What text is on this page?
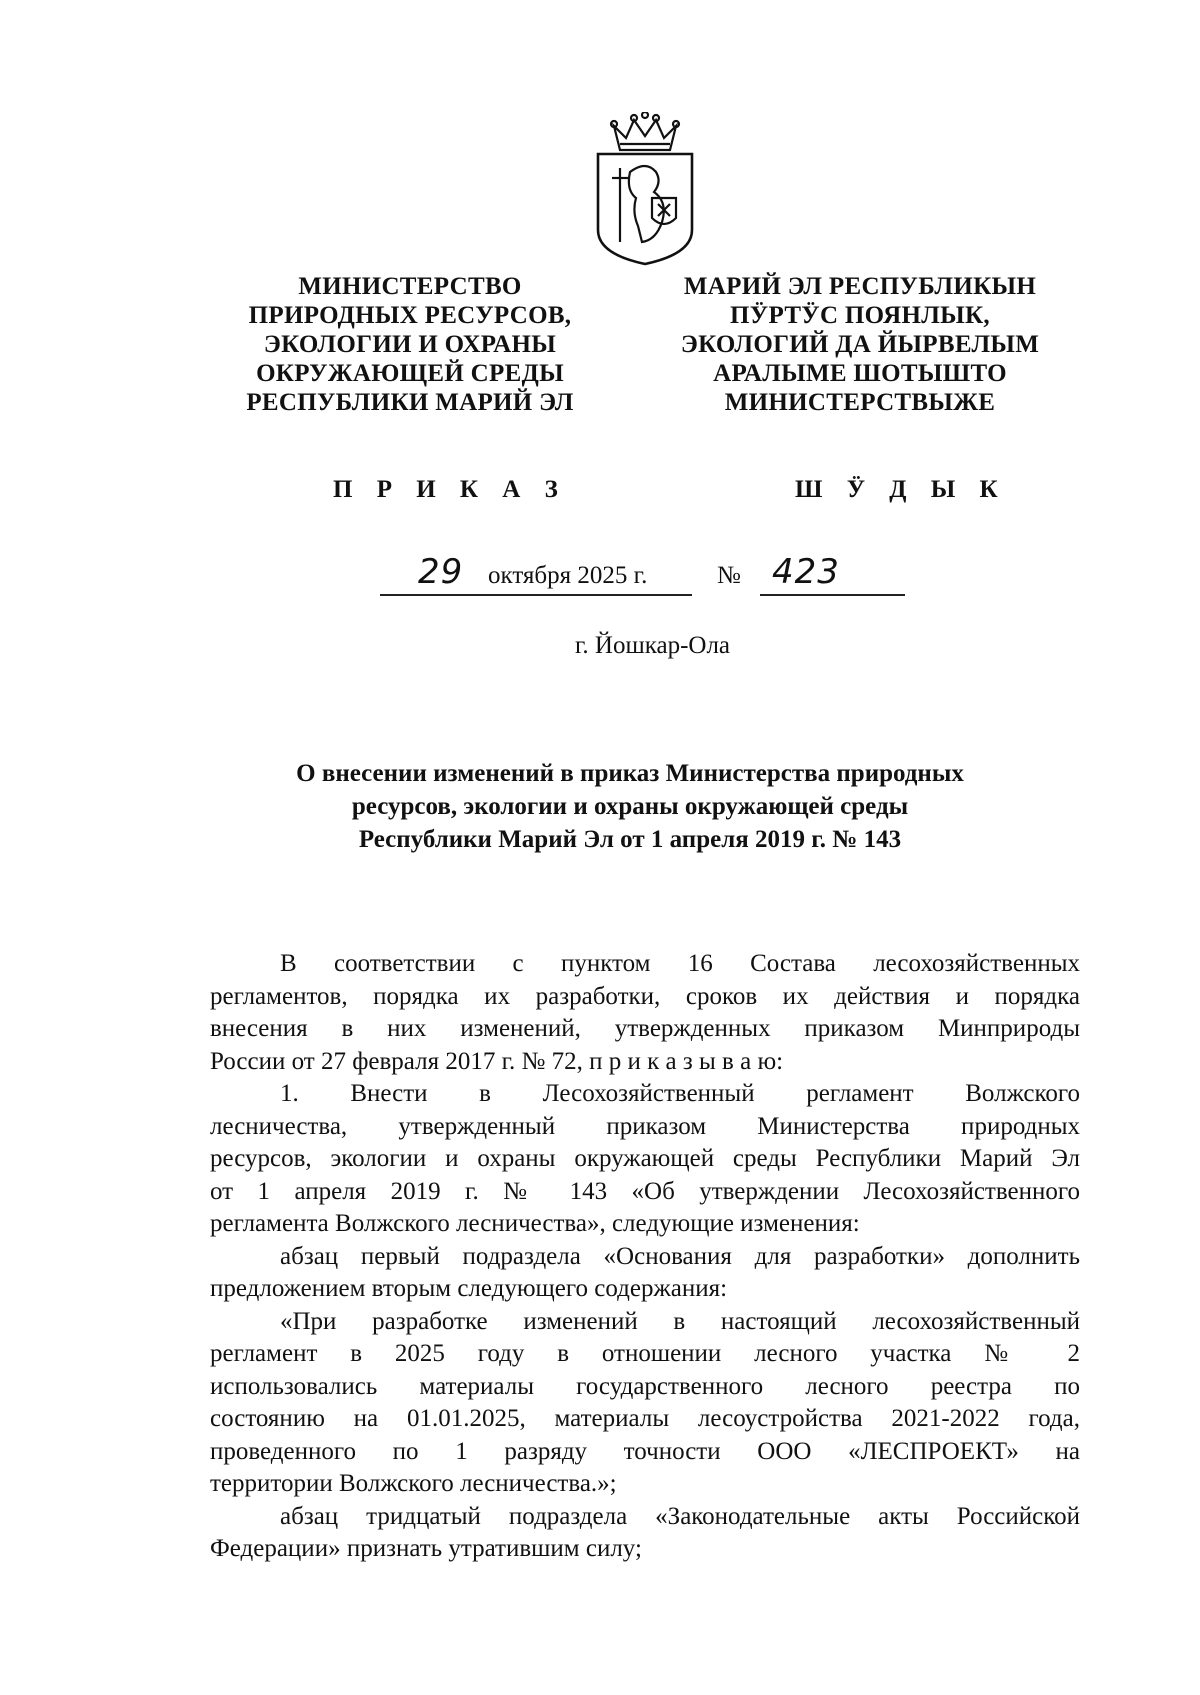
МИНИСТЕРСТВО
ПРИРОДНЫХ РЕСУРСОВ,
ЭКОЛОГИИ И ОХРАНЫ
ОКРУЖАЮЩЕЙ СРЕДЫ
РЕСПУБЛИКИ МАРИЙ ЭЛ
МАРИЙ ЭЛ РЕСПУБЛИКЫН
ПӰРТӰС ПОЯНЛЫК,
ЭКОЛОГИЙ ДА ЙЫРВЕЛЫМ
АРАЛЫМЕ ШОТЫШТО
МИНИСТЕРСТВЫЖЕ
П Р И К А З	Ш Ӱ Д Ы К
29 октября 2025 г.	№ 423
г. Йошкар-Ола
О внесении изменений в приказ Министерства природных
ресурсов, экологии и охраны окружающей среды
Республики Марий Эл от 1 апреля 2019 г. № 143

В соответствии с пунктом 16 Состава лесохозяйственных

регламентов, порядка их разработки, сроков их действия и порядка

внесения в них изменений, утвержденных приказом Минприроды

России от 27 февраля 2017 г. № 72, п р и к а з ы в а ю:

1. Внести в Лесохозяйственный регламент Волжского

лесничества, утвержденный приказом Министерства природных

ресурсов, экологии и охраны окружающей среды Республики Марий Эл

от 1 апреля 2019 г. № 143 «Об утверждении Лесохозяйственного

регламента Волжского лесничества», следующие изменения:

абзац первый подраздела «Основания для разработки» дополнить

предложением вторым следующего содержания:

«При разработке изменений в настоящий лесохозяйственный

регламент в 2025 году в отношении лесного участка № 2

использовались материалы государственного лесного реестра по

состоянию на 01.01.2025, материалы лесоустройства 2021-2022 года,

проведенного по 1 разряду точности ООО «ЛЕСПРОЕКТ» на

территории Волжского лесничества.»;

абзац тридцатый подраздела «Законодательные акты Российской

Федерации» признать утратившим силу;
